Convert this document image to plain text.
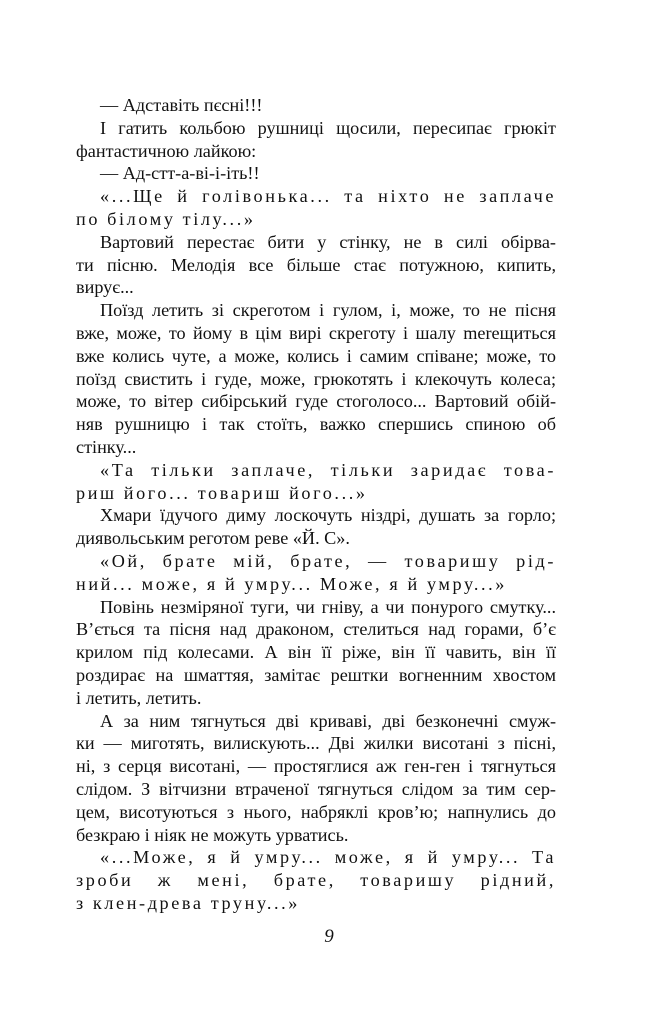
— Адставіть пєсні!!!
І гатить кольбою рушниці щосили, пересипає грюкіт
фантастичною лайкою:
— Ад-стт-а-ві-і-іть!!
«...Ще й голівонька... та ніхто не заплаче
по білому тілу...»
Вартовий перестає бити у стінку, не в силі обірва-
ти пісню. Мелодія все більше стає потужною, кипить,
вирує...
Поїзд летить зі скреготом і гулом, і, може, то не пісня
вже, може, то йому в цім вирі скреготу і шалу merещиться
вже колись чуте, а може, колись і самим співане; може, то
поїзд свистить і гуде, може, грюкотять і клекочуть колеса;
може, то вітер сибірський гуде стоголосо... Вартовий обій-
няв рушницю і так стоїть, важко спершись спиною об
стінку...
«Та тільки заплаче, тільки заридає това-
риш його... товариш його...»
Хмари їдучого диму лоскочуть ніздрі, душать за горло;
диявольським реготом реве «Й. С».
«Ой, брате мій, брате, — товаришу рід-
ний... може, я й умру... Може, я й умру...»
Повінь незміряної туги, чи гніву, а чи понурого смутку...
В’ється та пісня над драконом, стелиться над горами, б’є
крилом під колесами. А він її ріже, він її чавить, він її
роздирає на шматтяя, замітає рештки вогненним хвостом
і летить, летить.
А за ним тягнуться дві криваві, дві безконечні смуж-
ки — миготять, вилискують... Дві жилки висотані з пісні,
ні, з серця висотані, — простяглися аж ген-ген і тягнуться
слідом. З вітчизни втраченої тягнуться слідом за тим сер-
цем, висотуються з нього, набряклі кров’ю; напнулись до
безкраю і ніяк не можуть урватись.
«...Може, я й умру... може, я й умру... Та
зроби ж мені, брате, товаришу рідний,
з клен-древа труну...»
9
